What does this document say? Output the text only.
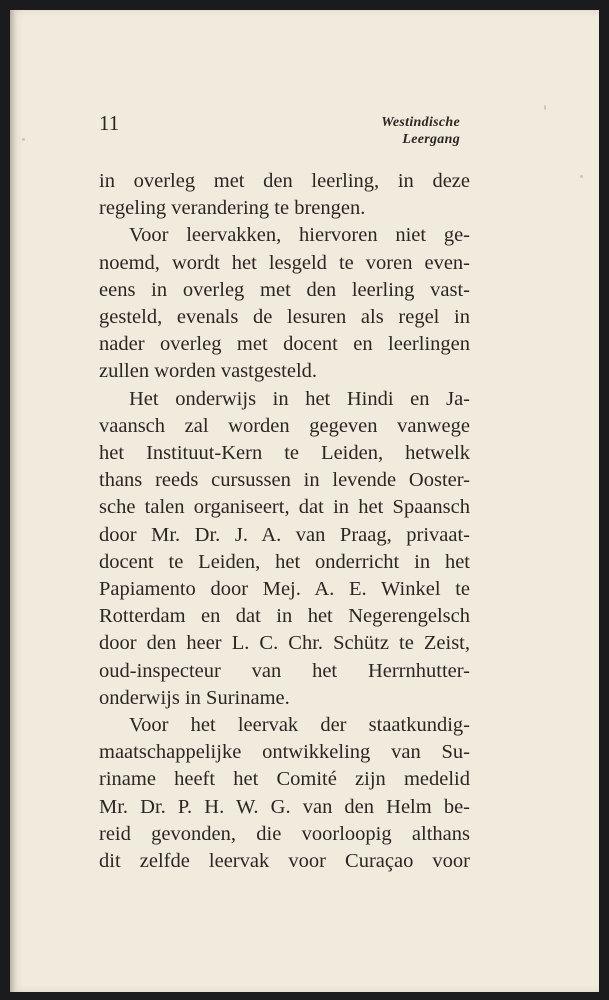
11	Westindische
Leergang
in overleg met den leerling, in deze
regeling verandering te brengen.
Voor leervakken, hiervoren niet ge-
noemd, wordt het lesgeld te voren even-
eens in overleg met den leerling vast-
gesteld, evenals de lesuren als regel in
nader overleg met docent en leerlingen
zullen worden vastgesteld.
Het onderwijs in het Hindi en Ja-
vaansch zal worden gegeven vanwege
het Instituut-Kern te Leiden, hetwelk
thans reeds cursussen in levende Ooster-
sche talen organiseert, dat in het Spaansch
door Mr. Dr. J. A. van Praag, privaat-
docent te Leiden, het onderricht in het
Papiamento door Mej. A. E. Winkel te
Rotterdam en dat in het Negerengelsch
door den heer L. C. Chr. Schütz te Zeist,
oud-inspecteur van het Herrnhutter-
onderwijs in Suriname.
Voor het leervak der staatkundig-
maatschappelijke ontwikkeling van Su-
riname heeft het Comité zijn medelid
Mr. Dr. P. H. W. G. van den Helm be-
reid gevonden, die voorloopig althans
dit zelfde leervak voor Curaçao voor
